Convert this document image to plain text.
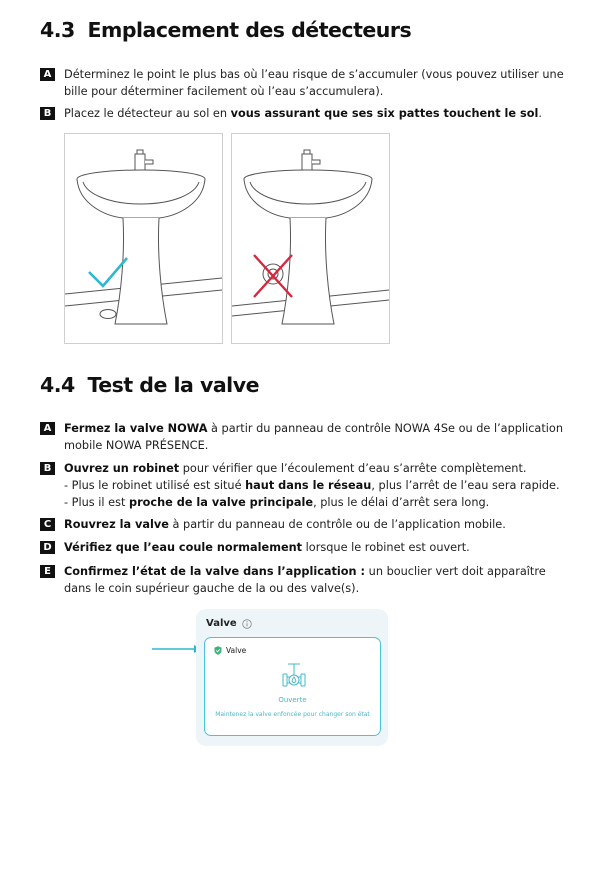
4.3 Emplacement des détecteurs
A	Déterminez le point le plus bas où l’eau risque de s’accumuler (vous pouvez utiliser une bille pour déterminer facilement où l’eau s’accumulera).
B	Placez le détecteur au sol en vous assurant que ses six pattes touchent le sol.
4.4 Test de la valve
A	Fermez la valve NOWA à partir du panneau de contrôle NOWA 4Se ou de l’application mobile NOWA PRÉSENCE.
B	Ouvrez un robinet pour vérifier que l’écoulement d’eau s’arrête complètement.
- Plus le robinet utilisé est situé haut dans le réseau, plus l’arrêt de l’eau sera rapide.
- Plus il est proche de la valve principale, plus le délai d’arrêt sera long.
C	Rouvrez la valve à partir du panneau de contrôle ou de l’application mobile.
D Vérifiez que l’eau coule normalement lorsque le robinet est ouvert.
E	Confirmez l’état de la valve dans l’application : un bouclier vert doit apparaître dans le coin supérieur gauche de la ou des valve(s).
Valve
Valve
Ouverte
Maintenez la valve enfoncée pour changer son état
